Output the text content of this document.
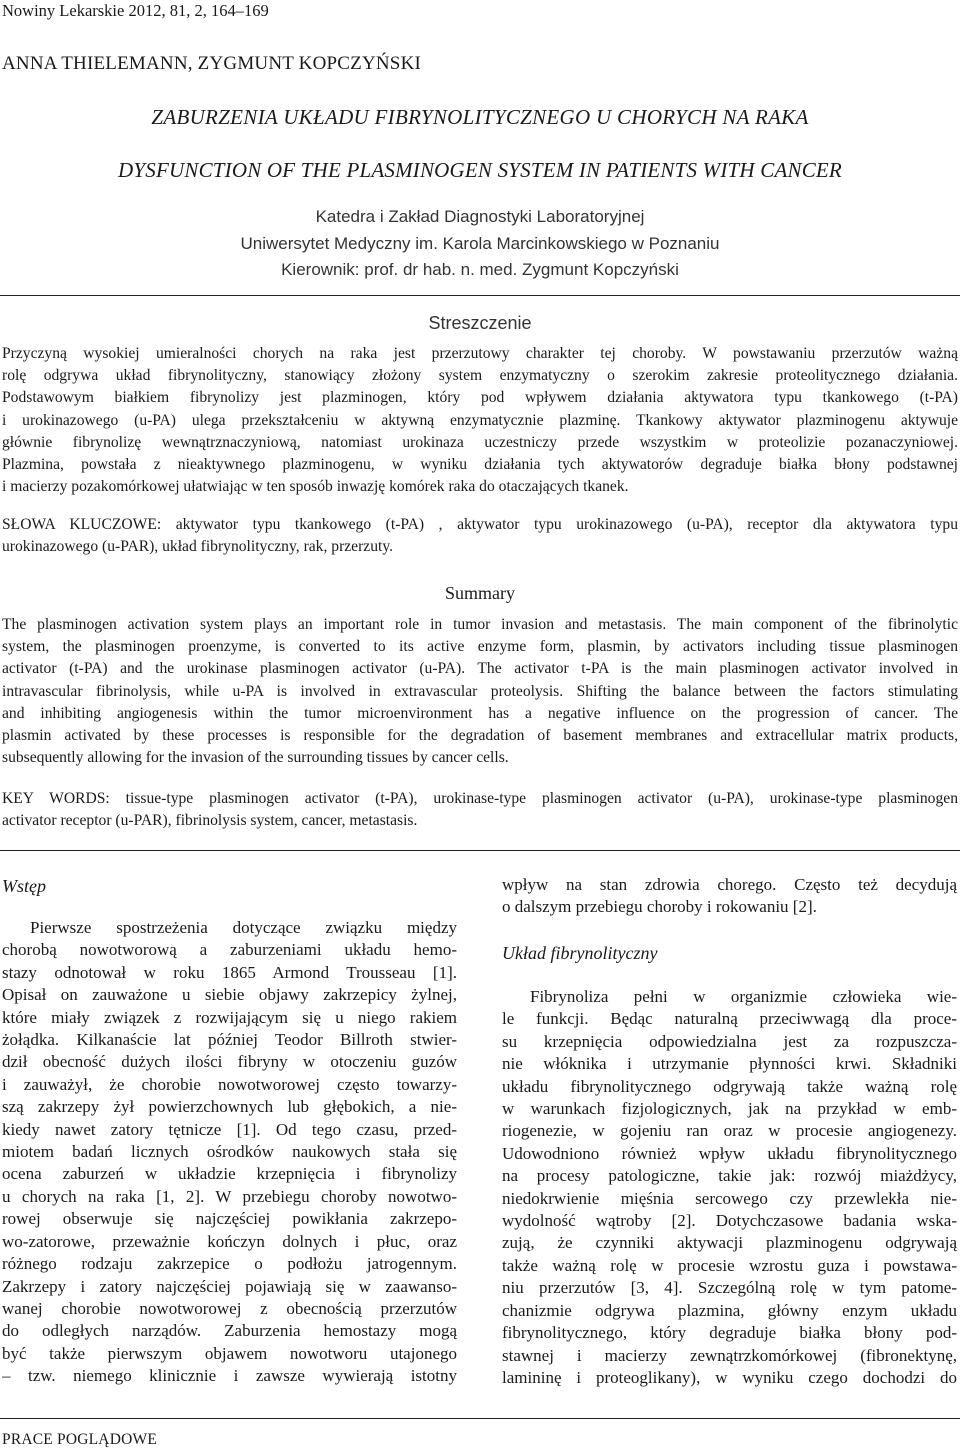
Nowiny Lekarskie 2012, 81, 2, 164–169
ANNA THIELEMANN, ZYGMUNT KOPCZYŃSKI
ZABURZENIA UKŁADU FIBRYNOLITYCZNEGO U CHORYCH NA RAKA
DYSFUNCTION OF THE PLASMINOGEN SYSTEM IN PATIENTS WITH CANCER
Katedra i Zakład Diagnostyki Laboratoryjnej
Uniwersytet Medyczny im. Karola Marcinkowskiego w Poznaniu
Kierownik: prof. dr hab. n. med. Zygmunt Kopczyński
Streszczenie
Przyczyną wysokiej umieralności chorych na raka jest przerzutowy charakter tej choroby. W powstawaniu przerzutów ważną
rolę odgrywa układ fibrynolityczny, stanowiący złożony system enzymatyczny o szerokim zakresie proteolitycznego działania.
Podstawowym białkiem fibrynolizy jest plazminogen, który pod wpływem działania aktywatora typu tkankowego (t-PA)
i urokinazowego (u-PA) ulega przekształceniu w aktywną enzymatycznie plazminę. Tkankowy aktywator plazminogenu aktywuje
głównie fibrynolizę wewnątrznaczyniową, natomiast urokinaza uczestniczy przede wszystkim w proteolizie pozanaczyniowej.
Plazmina, powstała z nieaktywnego plazminogenu, w wyniku działania tych aktywatorów degraduje białka błony podstawnej
i macierzy pozakomórkowej ułatwiając w ten sposób inwazję komórek raka do otaczających tkanek.
SŁOWA KLUCZOWE: aktywator typu tkankowego (t-PA) , aktywator typu urokinazowego (u-PA), receptor dla aktywatora typu
urokinazowego (u-PAR), układ fibrynolityczny, rak, przerzuty.
Summary
The plasminogen activation system plays an important role in tumor invasion and metastasis. The main component of the fibrinolytic
system, the plasminogen proenzyme, is converted to its active enzyme form, plasmin, by activators including tissue plasminogen
activator (t-PA) and the urokinase plasminogen activator (u-PA). The activator t-PA is the main plasminogen activator involved in
intravascular fibrinolysis, while u-PA is involved in extravascular proteolysis. Shifting the balance between the factors stimulating
and inhibiting angiogenesis within the tumor microenvironment has a negative influence on the progression of cancer. The
plasmin activated by these processes is responsible for the degradation of basement membranes and extracellular matrix products,
subsequently allowing for the invasion of the surrounding tissues by cancer cells.
KEY WORDS: tissue-type plasminogen activator (t-PA), urokinase-type plasminogen activator (u-PA), urokinase-type plasminogen
activator receptor (u-PAR), fibrinolysis system, cancer, metastasis.
Wstęp
Pierwsze spostrzeżenia dotyczące związku między
chorobą nowotworową a zaburzeniami układu hemo-
stazy odnotował w roku 1865 Armond Trousseau [1].
Opisał on zauważone u siebie objawy zakrzepicy żylnej,
które miały związek z rozwijającym się u niego rakiem
żołądka. Kilkanaście lat później Teodor Billroth stwier-
dził obecność dużych ilości fibryny w otoczeniu guzów
i zauważył, że chorobie nowotworowej często towarzy-
szą zakrzepy żył powierzchownych lub głębokich, a nie-
kiedy nawet zatory tętnicze [1]. Od tego czasu, przed-
miotem badań licznych ośrodków naukowych stała się
ocena zaburzeń w układzie krzepnięcia i fibrynolizy
u chorych na raka [1, 2]. W przebiegu choroby nowotwo-
rowej obserwuje się najczęściej powikłania zakrzepo-
wo-zatorowe, przeważnie kończyn dolnych i płuc, oraz
różnego rodzaju zakrzepice o podłożu jatrogennym.
Zakrzepy i zatory najczęściej pojawiają się w zaawanso-
wanej chorobie nowotworowej z obecnością przerzutów
do odległych narządów. Zaburzenia hemostazy mogą
być także pierwszym objawem nowotworu utajonego
– tzw. niemego klinicznie i zawsze wywierają istotny
wpływ na stan zdrowia chorego. Często też decydują
o dalszym przebiegu choroby i rokowaniu [2].
Układ fibrynolityczny
Fibrynoliza pełni w organizmie człowieka wie-
le funkcji. Będąc naturalną przeciwwagą dla proce-
su krzepnięcia odpowiedzialna jest za rozpuszcza-
nie włóknika i utrzymanie płynności krwi. Składniki
układu fibrynolitycznego odgrywają także ważną rolę
w warunkach fizjologicznych, jak na przykład w emb-
riogenezie, w gojeniu ran oraz w procesie angiogenezy.
Udowodniono również wpływ układu fibrynolitycznego
na procesy patologiczne, takie jak: rozwój miażdżycy,
niedokrwienie mięśnia sercowego czy przewlekła nie-
wydolność wątroby [2]. Dotychczasowe badania wska-
zują, że czynniki aktywacji plazminogenu odgrywają
także ważną rolę w procesie wzrostu guza i powstawa-
niu przerzutów [3, 4]. Szczególną rolę w tym patome-
chanizmie odgrywa plazmina, główny enzym układu
fibrynolitycznego, który degraduje białka błony pod-
stawnej i macierzy zewnątrzkomórkowej (fibronektynę,
lamininę i proteoglikany), w wyniku czego dochodzi do
PRACE POGLĄDOWE
